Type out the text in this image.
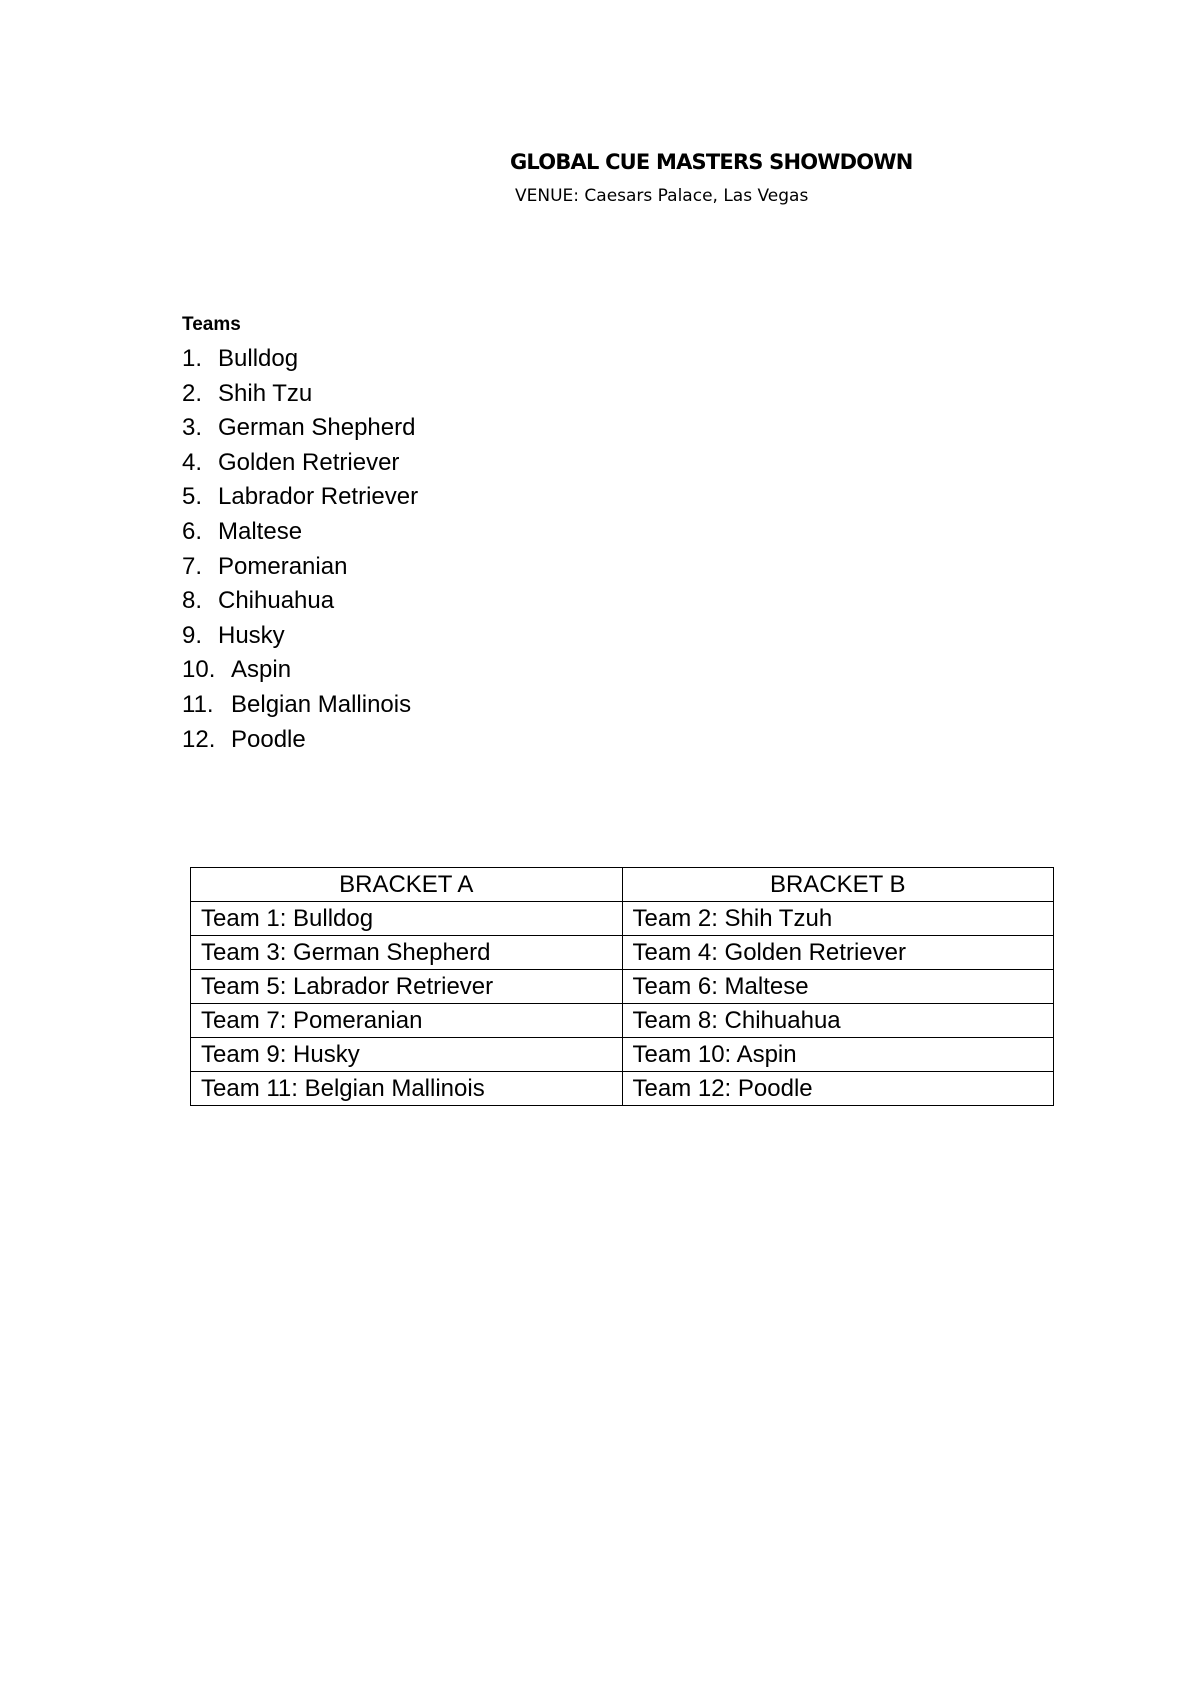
GLOBAL CUE MASTERS SHOWDOWN
VENUE: Caesars Palace, Las Vegas
Teams
1. Bulldog
2. Shih Tzu
3. German Shepherd
4. Golden Retriever
5. Labrador Retriever
6. Maltese
7. Pomeranian
8. Chihuahua
9. Husky
10. Aspin
11. Belgian Mallinois
12. Poodle
BRACKET A	BRACKET B
Team 1: Bulldog	Team 2: Shih Tzuh
Team 3: German Shepherd	Team 4: Golden Retriever
Team 5: Labrador Retriever	Team 6: Maltese
Team 7: Pomeranian	Team 8: Chihuahua
Team 9: Husky	Team 10: Aspin
Team 11: Belgian Mallinois	Team 12: Poodle
